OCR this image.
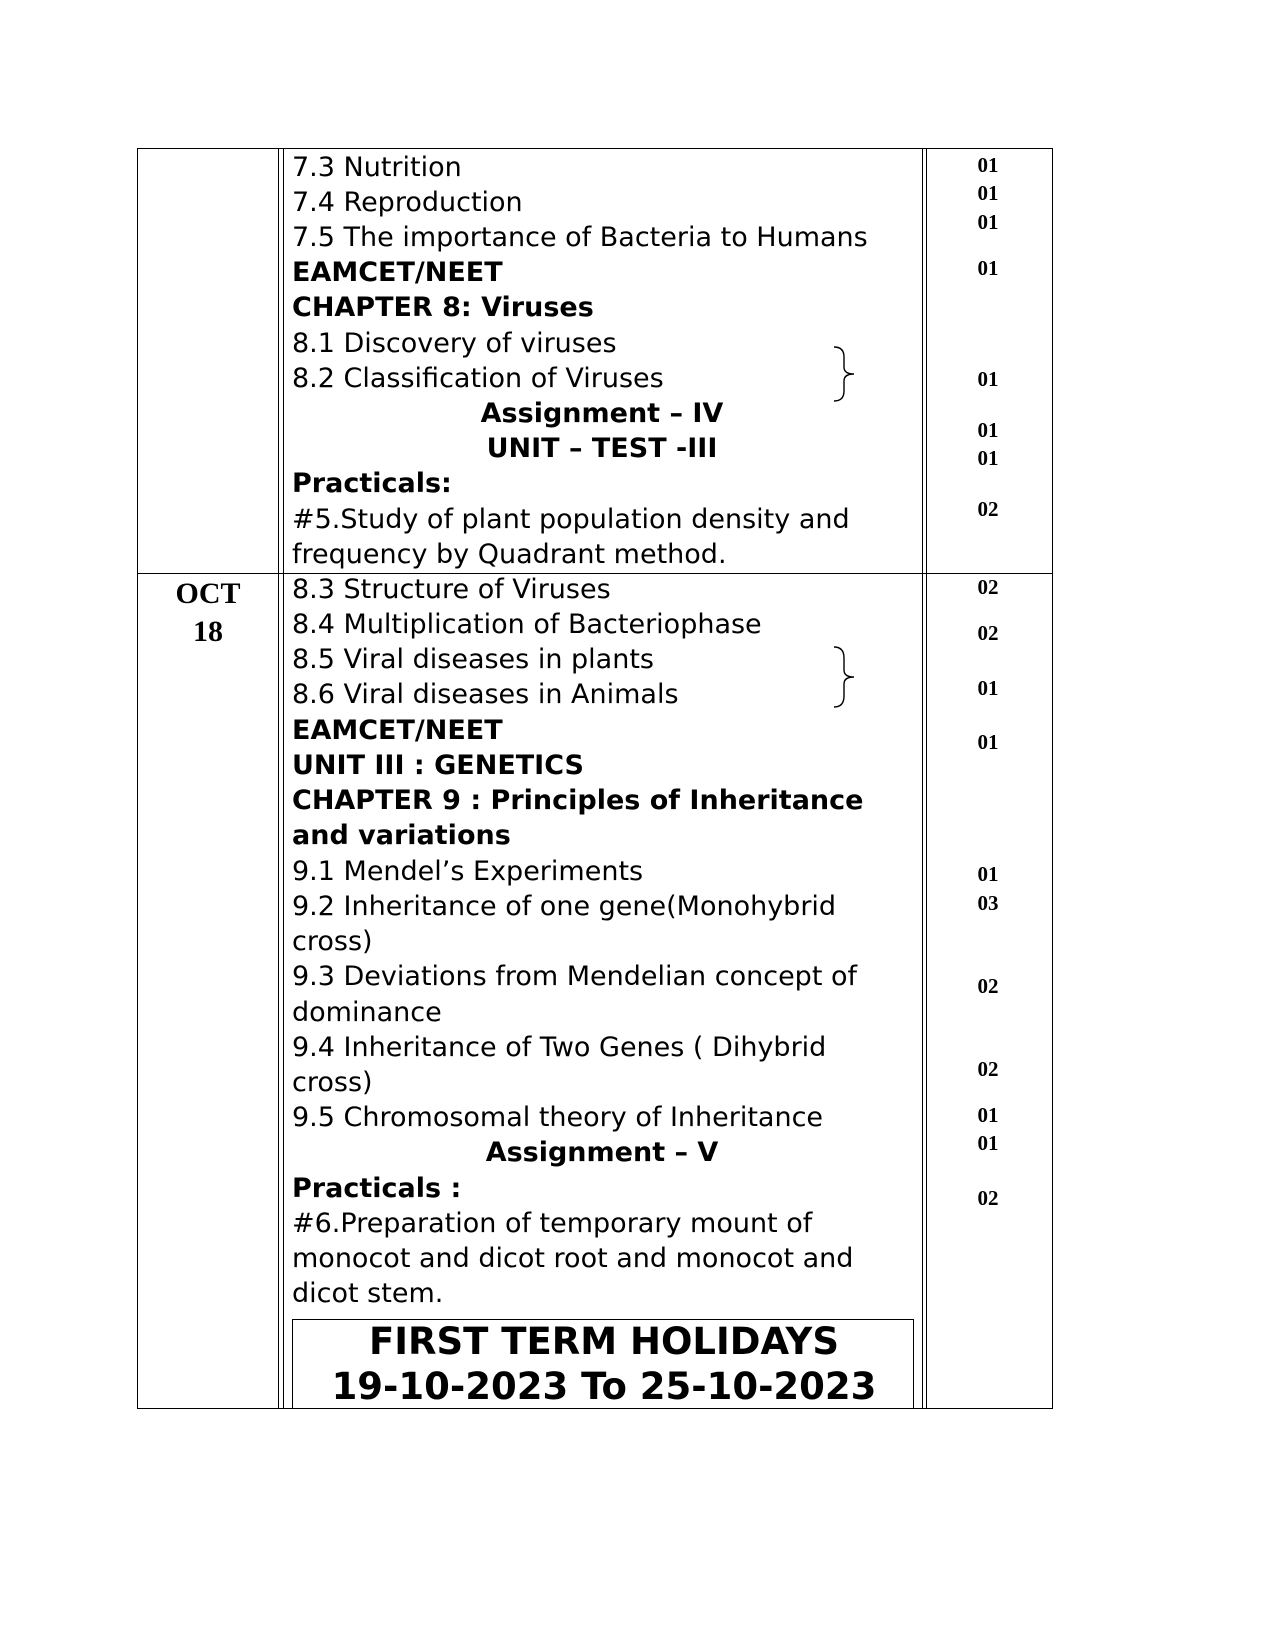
7.3 Nutrition
7.4 Reproduction
7.5 The importance of Bacteria to Humans
EAMCET/NEET
CHAPTER 8: Viruses
8.1 Discovery of viruses
8.2 Classification of Viruses
Assignment – IV
UNIT – TEST -III
Practicals:
#5.Study of plant population density and
frequency by Quadrant method.
01
01
01
01
01
01
01
02
OCT
18
8.3 Structure of Viruses
8.4 Multiplication of Bacteriophase
8.5 Viral diseases in plants
8.6 Viral diseases in Animals
EAMCET/NEET
UNIT III : GENETICS
CHAPTER 9 : Principles of Inheritance
and variations
9.1 Mendel’s Experiments
9.2 Inheritance of one gene(Monohybrid
cross)
9.3 Deviations from Mendelian concept of
dominance
9.4 Inheritance of Two Genes ( Dihybrid
cross)
9.5 Chromosomal theory of Inheritance
Assignment – V
Practicals :
#6.Preparation of temporary mount of
monocot and dicot root and monocot and
dicot stem.
02
02
01
01
01
03
02
02
01
01
02
FIRST TERM HOLIDAYS
19-10-2023 To 25-10-2023
